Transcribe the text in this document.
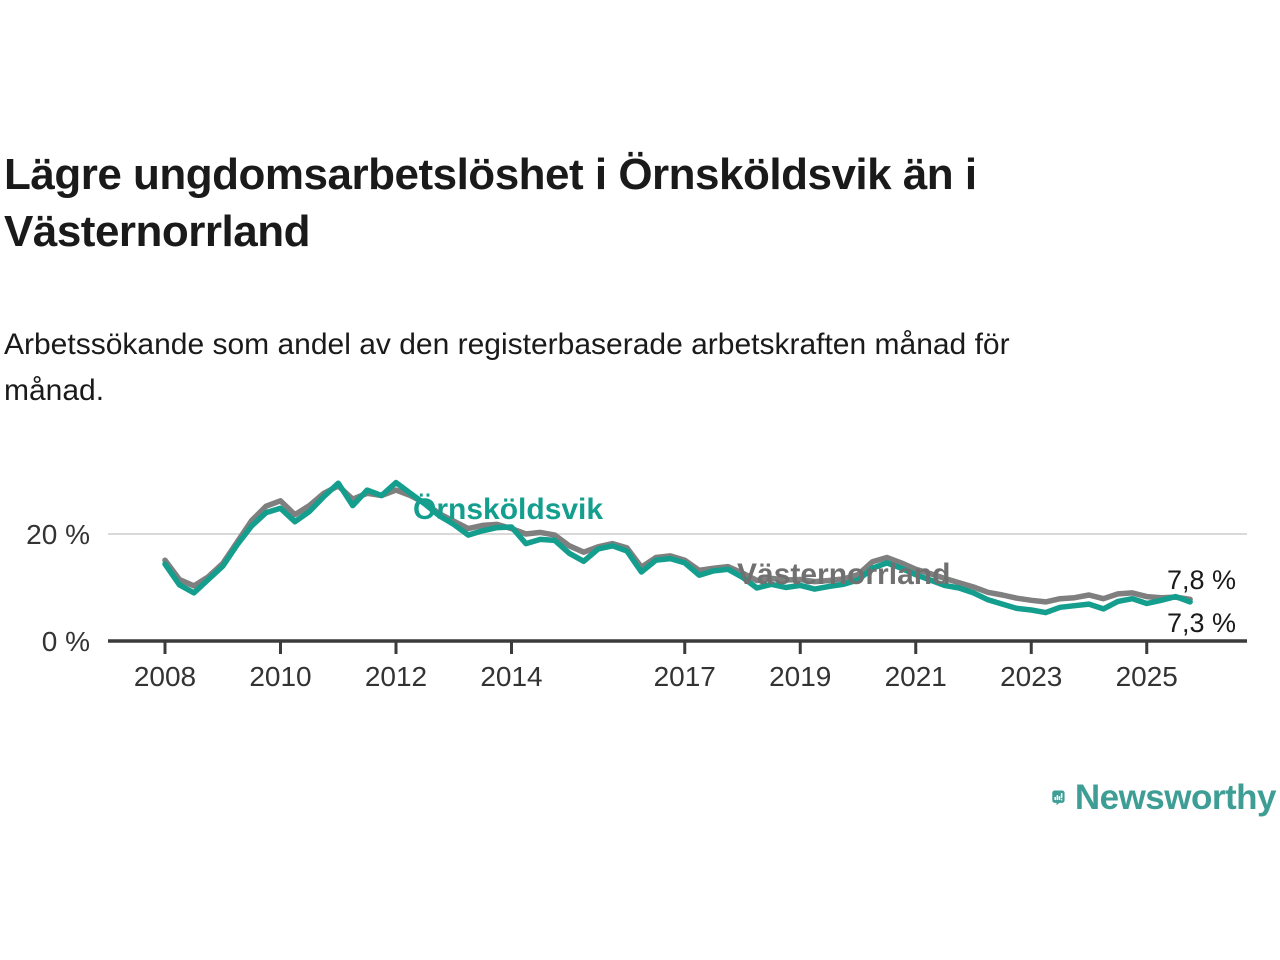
Lägre ungdomsarbetslöshet i Örnsköldsvik än i
Västernorrland
Arbetssökande som andel av den registerbaserade arbetskraften månad för
månad.
0 %
20 %
2008 2010 2012 2014	2017 2019 2021 2023 2025
Örnsköldsvik
Västernorrland	7,8 %
7,3 %
Newsworthy
